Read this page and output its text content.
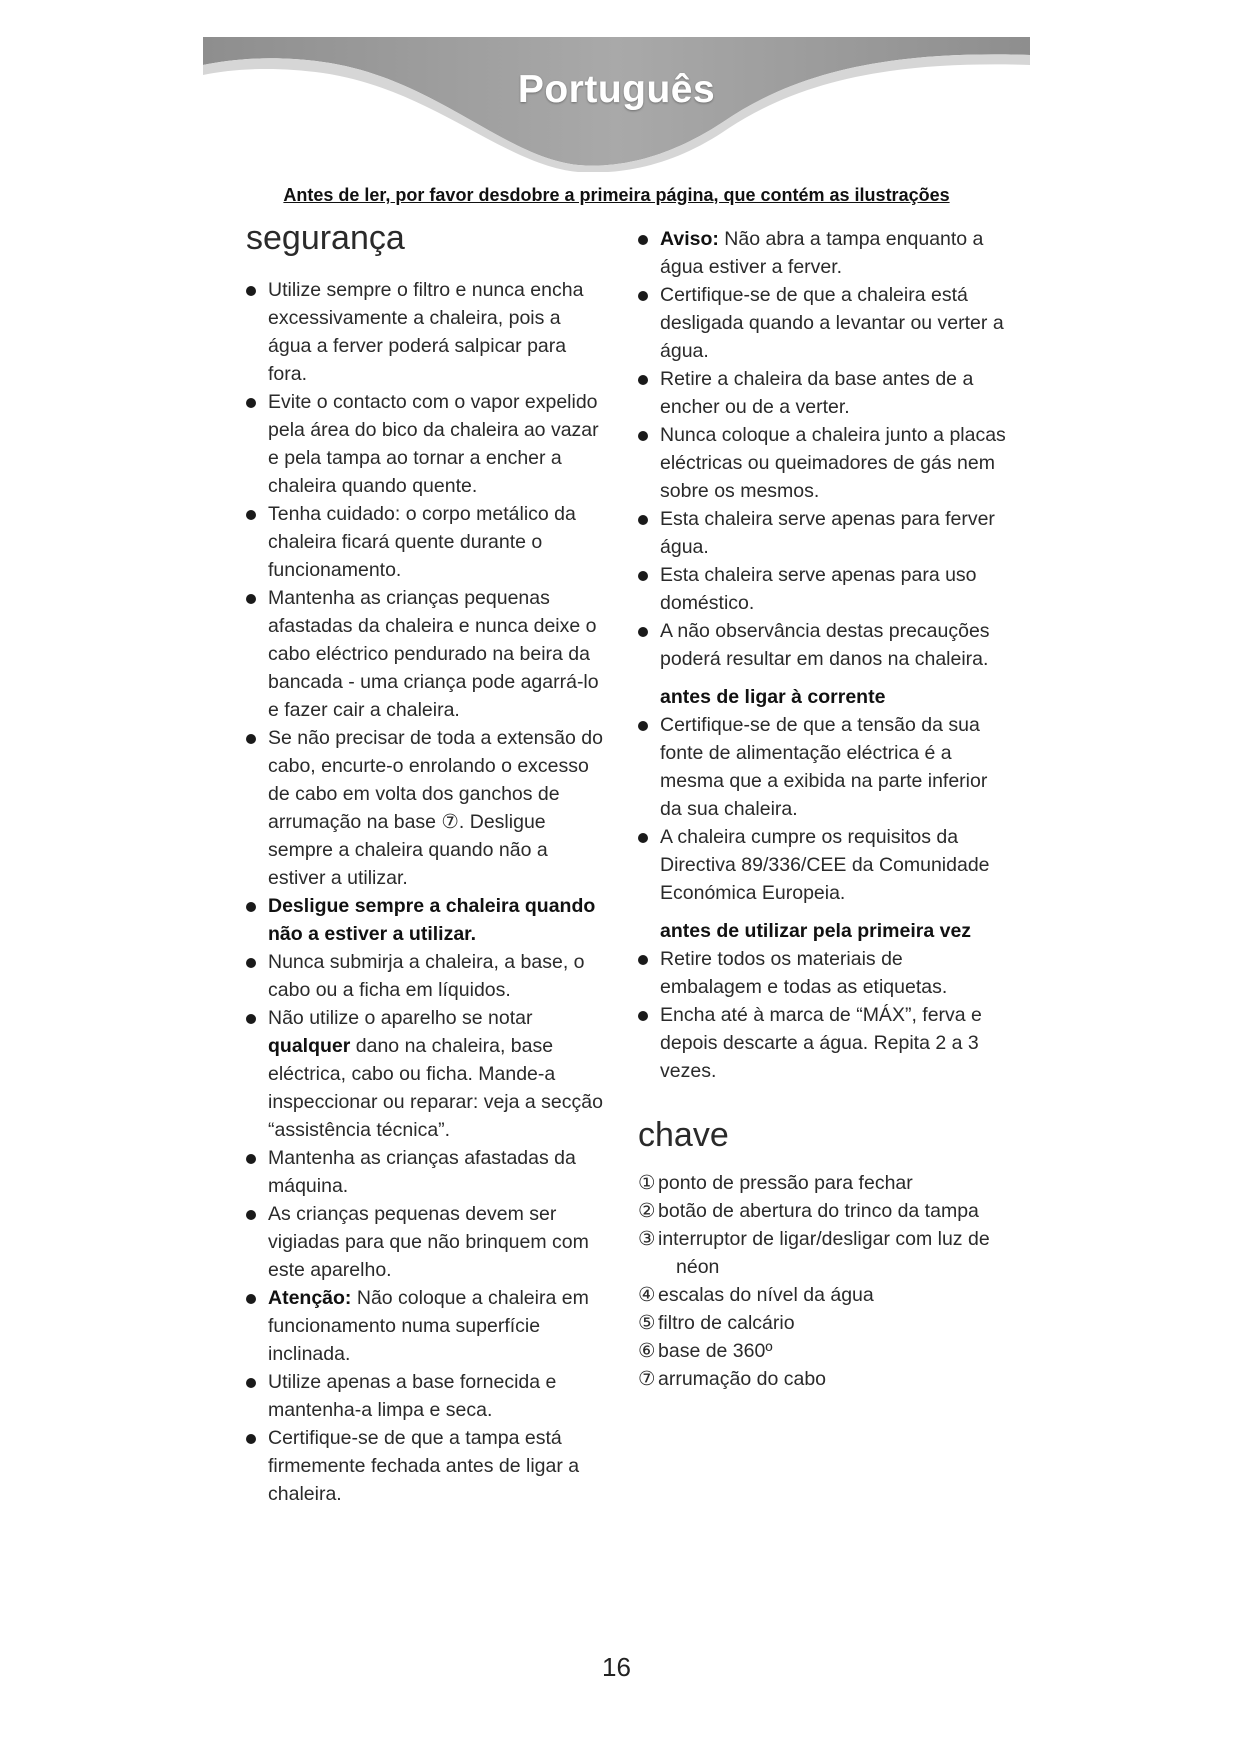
Português
Antes de ler, por favor desdobre a primeira página, que contém as ilustrações
segurança
Utilize sempre o filtro e nunca encha excessivamente a chaleira, pois a água a ferver poderá salpicar para fora.
Evite o contacto com o vapor expelido pela área do bico da chaleira ao vazar e pela tampa ao tornar a encher a chaleira quando quente.
Tenha cuidado: o corpo metálico da chaleira ficará quente durante o funcionamento.
Mantenha as crianças pequenas afastadas da chaleira e nunca deixe o cabo eléctrico pendurado na beira da bancada - uma criança pode agarrá-lo e fazer cair a chaleira.
Se não precisar de toda a extensão do cabo, encurte-o enrolando o excesso de cabo em volta dos ganchos de arrumação na base ⑦. Desligue sempre a chaleira quando não a estiver a utilizar.
Desligue sempre a chaleira quando não a estiver a utilizar.
Nunca submirja a chaleira, a base, o cabo ou a ficha em líquidos.
Não utilize o aparelho se notar qualquer dano na chaleira, base eléctrica, cabo ou ficha. Mande-a inspeccionar ou reparar: veja a secção “assistência técnica”.
Mantenha as crianças afastadas da máquina.
As crianças pequenas devem ser vigiadas para que não brinquem com este aparelho.
Atenção: Não coloque a chaleira em funcionamento numa superfície inclinada.
Utilize apenas a base fornecida e mantenha-a limpa e seca.
Certifique-se de que a tampa está firmemente fechada antes de ligar a chaleira.
Aviso: Não abra a tampa enquanto a água estiver a ferver.
Certifique-se de que a chaleira está desligada quando a levantar ou verter a água.
Retire a chaleira da base antes de a encher ou de a verter.
Nunca coloque a chaleira junto a placas eléctricas ou queimadores de gás nem sobre os mesmos.
Esta chaleira serve apenas para ferver água.
Esta chaleira serve apenas para uso doméstico.
A não observância destas precauções poderá resultar em danos na chaleira.
antes de ligar à corrente
Certifique-se de que a tensão da sua fonte de alimentação eléctrica é a mesma que a exibida na parte inferior da sua chaleira.
A chaleira cumpre os requisitos da Directiva 89/336/CEE da Comunidade Económica Europeia.
antes de utilizar pela primeira vez
Retire todos os materiais de embalagem e todas as etiquetas.
Encha até à marca de “MÁX”, ferva e depois descarte a água. Repita 2 a 3 vezes.
chave
① ponto de pressão para fechar
② botão de abertura do trinco da tampa
③ interruptor de ligar/desligar com luz de néon
④ escalas do nível da água
⑤ filtro de calcário
⑥ base de 360º
⑦ arrumação do cabo
16
